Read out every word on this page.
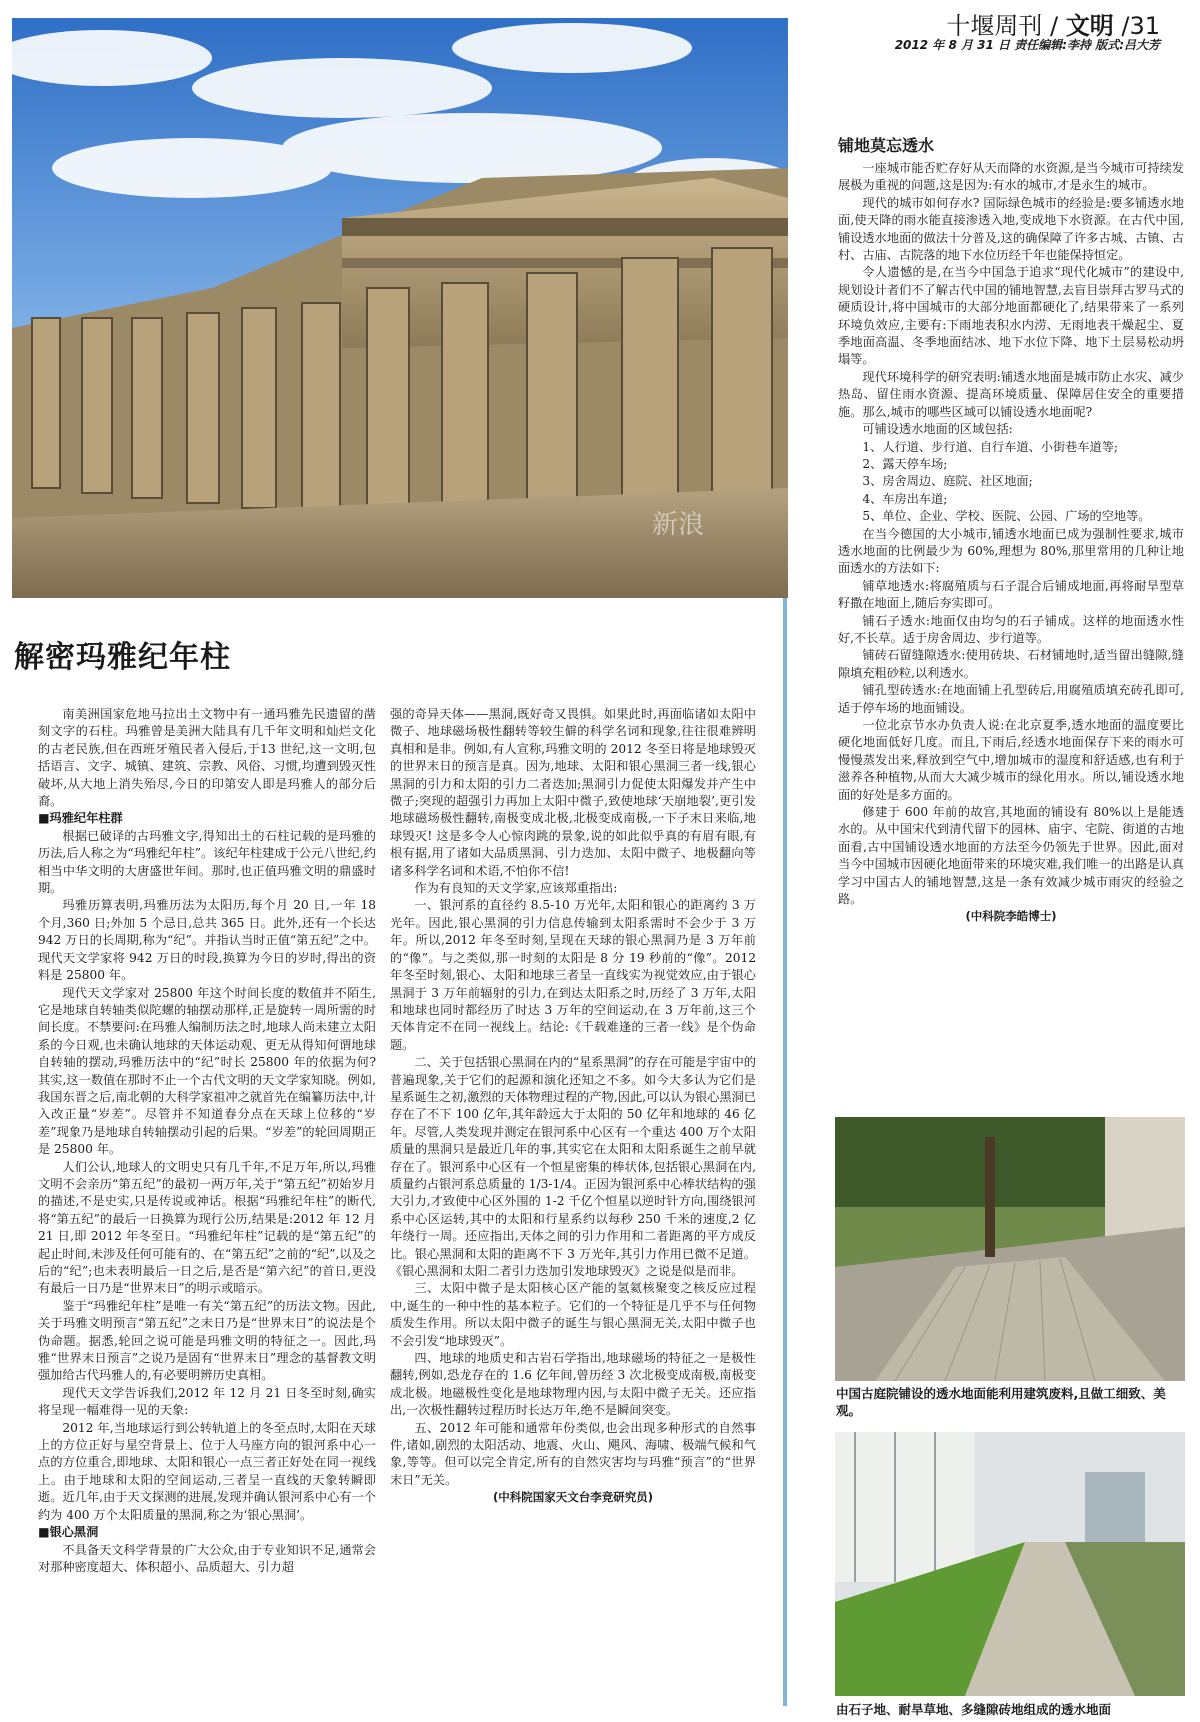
十堰周刊 / 文明 /31
2012 年 8 月 31 日 责任编辑:李持 版式:吕大芳
新浪
解密玛雅纪年柱

南美洲国家危地马拉出土文物中有一通玛雅先民遗留的凿刻文字的石柱。玛雅曾是美洲大陆具有几千年文明和灿烂文化的古老民族,但在西班牙殖民者入侵后,于13 世纪,这一文明,包括语言、文字、城镇、建筑、宗教、风俗、习惯,均遭到毁灭性破坏,从大地上消失殆尽,今日的印第安人即是玛雅人的部分后裔。

■玛雅纪年柱群

根据已破译的古玛雅文字,得知出土的石柱记载的是玛雅的历法,后人称之为“玛雅纪年柱”。该纪年柱建成于公元八世纪,约相当中华文明的大唐盛世年间。那时,也正值玛雅文明的鼎盛时期。

玛雅历算表明,玛雅历法为太阳历,每个月 20 日,一年 18 个月,360 日;外加 5 个忌日,总共 365 日。此外,还有一个长达 942 万日的长周期,称为“纪”。并指认当时正值“第五纪”之中。现代天文学家将 942 万日的时段,换算为今日的岁时,得出的资料是 25800 年。

现代天文学家对 25800 年这个时间长度的数值并不陌生,它是地球自转轴类似陀螺的轴摆动那样,正是旋转一周所需的时间长度。不禁要问:在玛雅人编制历法之时,地球人尚未建立太阳系的今日观,也未确认地球的天体运动观、更无从得知何谓地球自转轴的摆动,玛雅历法中的“纪”时长 25800 年的依据为何? 其实,这一数值在那时不止一个古代文明的天文学家知晓。例如,我国东晋之后,南北朝的大科学家祖冲之就首先在编纂历法中,计入改正量“岁差”。尽管并不知道春分点在天球上位移的“岁差”现象乃是地球自转轴摆动引起的后果。“岁差”的轮回周期正是 25800 年。

人们公认,地球人的文明史只有几千年,不足万年,所以,玛雅文明不会亲历“第五纪”的最初一两万年,关于“第五纪”初始岁月的描述,不是史实,只是传说或神话。根据“玛雅纪年柱”的断代,将“第五纪”的最后一日换算为现行公历,结果是:2012 年 12 月 21 日,即 2012 年冬至日。“玛雅纪年柱”记载的是“第五纪”的起止时间,未涉及任何可能有的、在“第五纪”之前的“纪”,以及之后的“纪”;也未表明最后一日之后,是否是“第六纪”的首日,更没有最后一日乃是“世界末日”的明示或暗示。

鉴于“玛雅纪年柱”是唯一有关“第五纪”的历法文物。因此,关于玛雅文明预言“第五纪”之末日乃是“世界末日”的说法是个伪命题。据悉,轮回之说可能是玛雅文明的特征之一。因此,玛雅“世界末日预言”之说乃是固有“世界末日”理念的基督教文明强加给古代玛雅人的,有必要明辨历史真相。

现代天文学告诉我们,2012 年 12 月 21 日冬至时刻,确实将呈现一幅难得一见的天象:

2012 年,当地球运行到公转轨道上的冬至点时,太阳在天球上的方位正好与星空背景上、位于人马座方向的银河系中心一点的方位重合,即地球、太阳和银心一点三者正好处在同一视线上。由于地球和太阳的空间运动,三者呈一直线的天象转瞬即逝。近几年,由于天文探测的进展,发现并确认银河系中心有一个约为 400 万个太阳质量的黑洞,称之为‘银心黑洞’。

■银心黑洞

不具备天文科学背景的广大公众,由于专业知识不足,通常会对那种密度超大、体积超小、品质超大、引力超

强的奇异天体——黑洞,既好奇又畏惧。如果此时,再面临诸如太阳中微子、地球磁场极性翻转等较生僻的科学名词和现象,往往很难辨明真相和是非。例如,有人宣称,玛雅文明的 2012 冬至日将是地球毁灭的世界末日的预言是真。因为,地球、太阳和银心黑洞三者一线,银心黑洞的引力和太阳的引力二者迭加;黑洞引力促使太阳爆发并产生中微子;突现的超强引力再加上太阳中微子,致使地球‘天崩地裂’,更引发地球磁场极性翻转,南极变成北极,北极变成南极,一下子末日来临,地球毁灭! 这是多令人心惊肉跳的景象,说的如此似乎真的有眉有眼,有根有据,用了诸如大品质黑洞、引力迭加、太阳中微子、地极翻向等诸多科学名词和术语,不怕你不信!

作为有良知的天文学家,应该郑重指出:

一、银河系的直径约 8.5-10 万光年,太阳和银心的距离约 3 万光年。因此,银心黑洞的引力信息传输到太阳系需时不会少于 3 万年。所以,2012 年冬至时刻,呈现在天球的银心黑洞乃是 3 万年前的“像”。与之类似,那一时刻的太阳是 8 分 19 秒前的“像”。2012 年冬至时刻,银心、太阳和地球三者呈一直线实为视觉效应,由于银心黑洞于 3 万年前辐射的引力,在到达太阳系之时,历经了 3 万年,太阳和地球也同时都经历了时达 3 万年的空间运动,在 3 万年前,这三个天体肯定不在同一视线上。结论:《千载难逢的三者一线》是个伪命题。

二、关于包括银心黑洞在内的“星系黑洞”的存在可能是宇宙中的普遍现象,关于它们的起源和演化还知之不多。如今大多认为它们是星系诞生之初,激烈的天体物理过程的产物,因此,可以认为银心黑洞已存在了不下 100 亿年,其年龄远大于太阳的 50 亿年和地球的 46 亿年。尽管,人类发现并测定在银河系中心区有一个重达 400 万个太阳质量的黑洞只是最近几年的事,其实它在太阳和太阳系诞生之前早就存在了。银河系中心区有一个恒星密集的棒状体,包括银心黑洞在内,质量约占银河系总质量的 1/3-1/4。正因为银河系中心棒状结构的强大引力,才致使中心区外围的 1-2 千亿个恒星以逆时针方向,围绕银河系中心区运转,其中的太阳和行星系约以每秒 250 千米的速度,2 亿年绕行一周。还应指出,天体之间的引力作用和二者距离的平方成反比。银心黑洞和太阳的距离不下 3 万光年,其引力作用已微不足道。《银心黑洞和太阳二者引力迭加引发地球毁灭》之说是似是而非。

三、太阳中微子是太阳核心区产能的氢氦核聚变之核反应过程中,诞生的一种中性的基本粒子。它们的一个特征是几乎不与任何物质发生作用。所以太阳中微子的诞生与银心黑洞无关,太阳中微子也不会引发“地球毁灭”。

四、地球的地质史和古岩石学指出,地球磁场的特征之一是极性翻转,例如,恐龙存在的 1.6 亿年间,曾历经 3 次北极变成南极,南极变成北极。地磁极性变化是地球物理内因,与太阳中微子无关。还应指出,一次极性翻转过程历时长达万年,绝不是瞬间突变。

五、2012 年可能和通常年份类似,也会出现多种形式的自然事件,诸如,剧烈的太阳活动、地震、火山、飓风、海啸、极端气候和气象,等等。但可以完全肯定,所有的自然灾害均与玛雅“预言”的“世界末日”无关。

(中科院国家天文台李竞研究员)

铺地莫忘透水

一座城市能否贮存好从天而降的水资源,是当今城市可持续发展极为重视的问题,这是因为:有水的城市,才是永生的城市。

现代的城市如何存水? 国际绿色城市的经验是:要多铺透水地面,使天降的雨水能直接渗透入地,变成地下水资源。在古代中国,铺设透水地面的做法十分普及,这的确保障了许多古城、古镇、古村、古庙、古院落的地下水位历经千年也能保持恒定。

令人遗憾的是,在当今中国急于追求“现代化城市”的建设中,规划设计者们不了解古代中国的铺地智慧,去盲目崇拜古罗马式的硬质设计,将中国城市的大部分地面都硬化了,结果带来了一系列环境负效应,主要有:下雨地表积水内涝、无雨地表干燥起尘、夏季地面高温、冬季地面结冰、地下水位下降、地下土层易松动坍塌等。

现代环境科学的研究表明:铺透水地面是城市防止水灾、减少热岛、留住雨水资源、提高环境质量、保障居住安全的重要措施。那么,城市的哪些区域可以铺设透水地面呢?

可铺设透水地面的区域包括:

1、人行道、步行道、自行车道、小街巷车道等;

2、露天停车场;

3、房舍周边、庭院、社区地面;

4、车房出车道;

5、单位、企业、学校、医院、公园、广场的空地等。

在当今德国的大小城市,铺透水地面已成为强制性要求,城市透水地面的比例最少为 60%,理想为 80%,那里常用的几种让地面透水的方法如下:

铺草地透水:将腐殖质与石子混合后铺成地面,再将耐旱型草籽撒在地面上,随后夯实即可。

铺石子透水:地面仅由均匀的石子铺成。这样的地面透水性好,不长草。适于房舍周边、步行道等。

铺砖石留缝隙透水:使用砖块、石材铺地时,适当留出缝隙,缝隙填充粗砂粒,以利透水。

铺孔型砖透水:在地面铺上孔型砖后,用腐殖质填充砖孔即可,适于停车场的地面铺设。

一位北京节水办负责人说:在北京夏季,透水地面的温度要比硬化地面低好几度。而且,下雨后,经透水地面保存下来的雨水可慢慢蒸发出来,释放到空气中,增加城市的湿度和舒适感,也有利于滋养各种植物,从而大大减少城市的绿化用水。所以,铺设透水地面的好处是多方面的。

修建于 600 年前的故宫,其地面的铺设有 80%以上是能透水的。从中国宋代到清代留下的园林、庙宇、宅院、街道的古地面看,古中国铺设透水地面的方法至今仍领先于世界。因此,面对当今中国城市因硬化地面带来的环境灾难,我们唯一的出路是认真学习中国古人的铺地智慧,这是一条有效减少城市雨灾的经验之路。

(中科院李皓博士)

中国古庭院铺设的透水地面能利用建筑废料,且做工细致、美观。
由石子地、耐旱草地、多缝隙砖地组成的透水地面
